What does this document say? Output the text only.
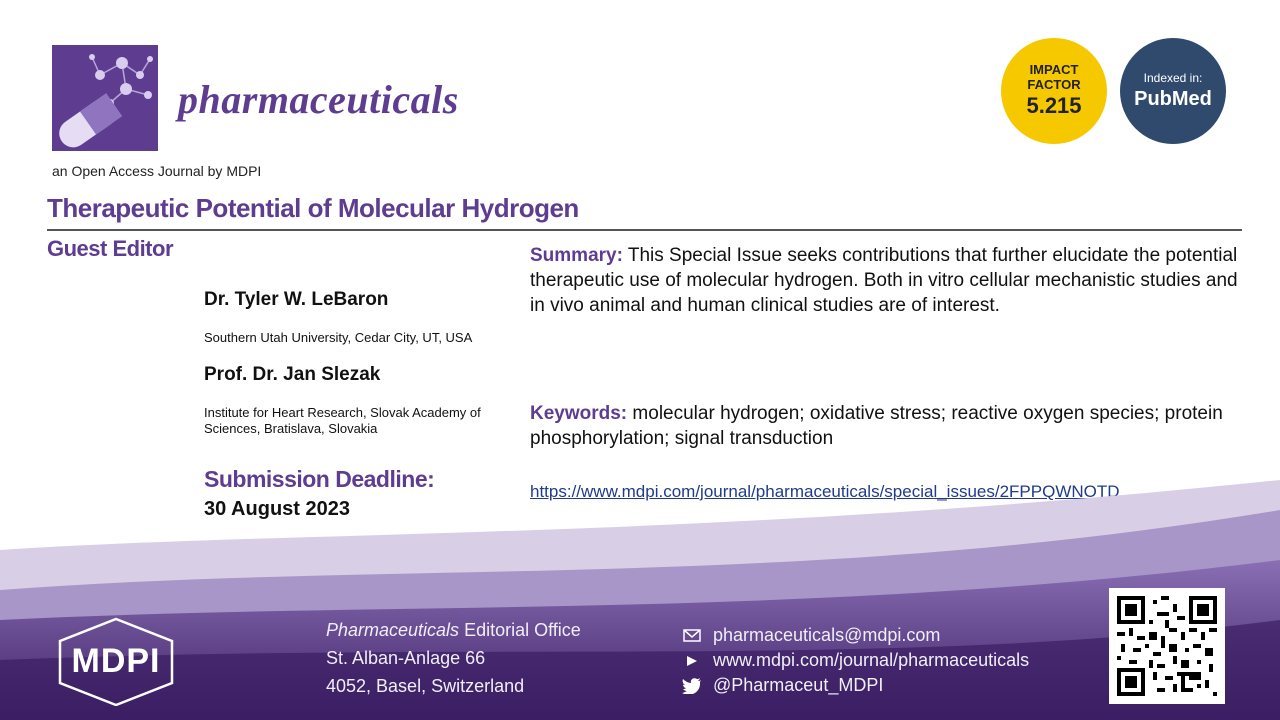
pharmaceuticals
an Open Access Journal by MDPI
IMPACT
FACTOR
5.215
Indexed in:
PubMed
Therapeutic Potential of Molecular Hydrogen
Guest Editor
Dr. Tyler W. LeBaron
Southern Utah University, Cedar City, UT, USA
Prof. Dr. Jan Slezak
Institute for Heart Research, Slovak Academy of Sciences, Bratislava, Slovakia
Submission Deadline:
30 August 2023
Summary: This Special Issue seeks contributions that further elucidate the potential therapeutic use of molecular hydrogen. Both in vitro cellular mechanistic studies and in vivo animal and human clinical studies are of interest.
Keywords: molecular hydrogen; oxidative stress; reactive oxygen species; protein phosphorylation; signal transduction
https://www.mdpi.com/journal/pharmaceuticals/special_issues/2FPPQWNOTD
MDPI
Pharmaceuticals Editorial Office
St. Alban-Anlage 66
4052, Basel, Switzerland
pharmaceuticals@mdpi.com
www.mdpi.com/journal/pharmaceuticals
@Pharmaceut_MDPI
